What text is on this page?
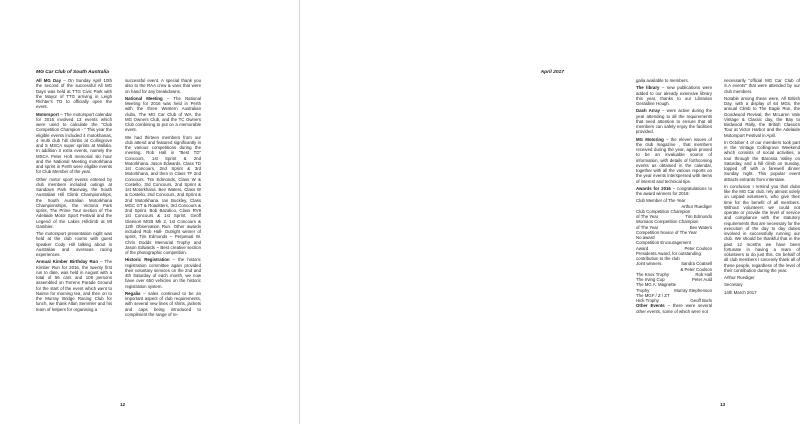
MG Car Club of South Australia

All MG Day – On Sunday April 10th the second of the successful All MG Days was held at TTG Civic Park with the Mayor of TTG arriving in Leigh Richter's TD to officially open the event.

Motorsport – The motorsport calendar for 2016 involved 13 events which were used to calculate the "Club Competition Champion - " This year the eligible events included 4 motokhanas, 4 multi club hill climbs at Collingrove and 5 MSCA super sprints at Mallala. In addition 3 extra events, namely the MSCA Peter Holt memorial ski hour and the National Meeting motorkhana and sprint in Perth were eligible events for Club Member of the year.

Other motor sport events entered by club members included outings at Sandown Park Raceway, the South Australian Hill Climb Championships, the South Australian Motorkhana Championships, the Victoria Park sprint, The Prime Tour section of The Adelaide Motor Sport Festival and the Legend of the Lakes Hillclimb at Mt Gambier.

The motorsport presentation night was held at the club rooms with guest speaker Cody Hill talking about is Australian and overseas racing experiences.

Annual Kimber Birthday Run – The Kimber Run for 2016, the twenty first run to date, was held in August with a total of 56 cars and 108 persons assembled on Torrens Parade Ground for the start of the event which went to Nairne for morning tea, and then on to the Murray Bridge Racing Club for lunch, we thank Allan Semmler and his team of helpers for organising a

successful event. A special thank you also to the RAA crew & vans that were on hand for any breakdowns.

National Meeting – The National Meeting for 2016 was held in Perth with the three Western Australian clubs, The MG Car Club of WA, the MG Owners Club, and the TC Owners Club combining to put on a memorable event.

We had thirteen members from our club attend and featured significantly in the various competitions during the meeting. Rob Hall in "Best TD" Concours, 1st Sprint & 2nd Motorkhana. Jason Edwards, Class TD 1st Concours, 2nd Sprint & 3rd Motorkhana, and then in Class TF 2nd Concours. Tim Edmonds, Class W & Costello, 3rd Concours, 2nd Sprint & 1st Motorkhana. Bev Waters, Class W & Costello, 2nd Concours, 2nd Sprint & 2nd Motorkhana. Ian Buckley, Class MGC GT & Roadsters, 3rd Concours & 2nd Sprint. Bob Bazalico, Class RV8 1st Concours & 1st Sprint. Geoff Gleeson MGB Mk 2, 1st Concours & 12th Observation Run. Other awards included Rob Hall- Outright winner of sprint, Tim Edmonds – Perpetual W. Chris Dodds Memorial Trophy and Jason Edwards – Best creative section of the photographic competition.

Historic Registration – the historic registration committee again provided their voluntary services on the 2nd and 4th Saturday of each month, we now have over 650 vehicles on the historic registration system.

Regalia – sales continued to be an important aspect of club requirements, with several new lines of shirts, jackets and caps being introduced to compliment the range of re-

12
April 2017

galia available to members.

The library – new publications were added to our already extensive library this year, thanks to our Librarian Geraldine Hough.

Dash Array – were active during the year attending to all the requirements that need attention to ensure that all members can safely enjoy the facilities provided.

MG Motoring – the eleven issues of the club magazine , that members received during the year, again proved to be an invaluable source of information, with details of forthcoming events as obtained in the calendar, together with all the various reports on the year events interspersed with items of interest and technical tips.

Awards for 2016 – congratulations to the award winners for 2016:

Club Member of The Year
Arthur Ruediger
Club Competition Champion
of The Year	Tim Edmonds
Womans Competition Champion
of The Year	Bev Waters
Competition Novice of The Year
No award
Competition Encouragement
Award	Peter Coulson
Presidents Award, for outstanding
contribution to the club
Joint winners.	Sandra Coatsell
& Peter Coulson
The Knox Trophy	Rob Hall
The Irving Cup	Peter Auld
The MG A: Magnette
Trophy	Murray Stephenson
The MGF / Z / ZT
Hick Trophy	Geoff Burls

Other Events – there were several other events, some of which were not

necessarily "official MG Car Club of S.A events" that were attended by our club members.

Notable among these were, All British Day, with a display of 64 MGs, the annual Climb to The Eagle Run, the Goodwood Revival, the McLaren Vale Vintage & Classic day, the Bay to Birdwood Rally, the British Classics Tour at Victor Harbor and the Adelaide Motorsport Festival in April.

In October 4 of our members took part in the Vintage Collingrove Weekend which consists of social activities, a tour through the Barossa Valley on Saturday, and a hill climb on Sunday, topped off with a farewell dinner Sunday night. This popular event attracts entrants from interstate.

In conclusion I remind you that clubs like the MG Car club, rely almost solely on unpaid volunteers, who give their time for the benefit of all members. Without volunteers we could not operate or provide the level of service and compliance with the statutory requirements that are necessary for the execution of the day to day duties involved in successfully running our club. We should be thankful that in the past 12 months we have been fortunate in having a team of volunteers to do just this. On behalf of all club members I sincerely thank all of these people, regardless of the level of their contribution during the year.

Arthur Ruediger

Secretary

14th March 2017

13
